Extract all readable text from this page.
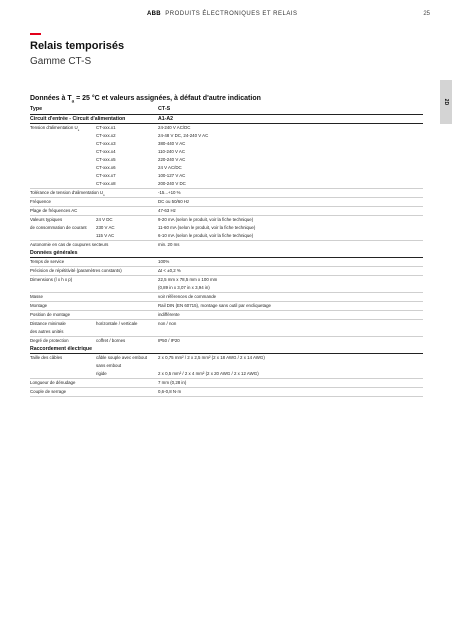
ABB PRODUITS ÉLECTRONIQUES ET RELAIS	25
Relais temporisés
Gamme CT-S
2D
Données à $T_a = 25$ °C et valeurs assignées, à défaut d'autre indication
Type		CT-S
Circuit d'entrée - Circuit d'alimentation		A1-A2
Tension d'alimentation $U_s$	CT-xxx.x1	24-240 V AC/DC
	CT-xxx.x2	24-48 V DC, 24-240 V AC
	CT-xxx.x3	380-440 V AC
	CT-xxx.x4	110-240 V AC
	CT-xxx.x5	220-240 V AC
	CT-xxx.x6	24 V AC/DC
	CT-xxx.x7	100-127 V AC
	CT-xxx.x8	200-240 V DC
Tolérance de tension d'alimentation $U_s$		-15...+10 %
Fréquence		DC ou 50/60 Hz
Plage de fréquences AC		47-63 Hz
Valeurs typiques	24 V DC	9-20 mA (selon le produit, voir la fiche technique)
de consommation de courant	230 V AC	11-60 mA (selon le produit, voir la fiche technique)
	115 V AC	6-10 mA (selon le produit, voir la fiche technique)
Autonomie en cas de coupures secteurs		min. 20 ms
Données générales		
Temps de service		100%
Précision de répétitivité (paramètres constants)		Δt < ±0,2 %
Dimensions (l x h x p)		22,5 mm x 78,5 mm x 100 mm
		(0,89 in x 3,07 in x 3,94 in)
Masse		voir références de commande
Montage		Rail DIN (EN 60715), montage sans outil par encliquetage
Position de montage		indifférente
Distance minimale	horizontale / verticale	non / non
des autres unités		
Degré de protection	coffret / bornes	IP50 / IP20
Raccordement électrique		
Taille des câbles	câble souple avec embout	2 x 0,75 mm² / 2 x 2,5 mm² (2 x 18 AWG / 2 x 14 AWG)
	sans embout	
	rigide	2 x 0,5 mm² / 2 x 4 mm² (2 x 20 AWG / 2 x 12 AWG)
Longueur de dénudage		7 mm (0,28 in)
Couple de serrage		0,6-0,8 N·m
